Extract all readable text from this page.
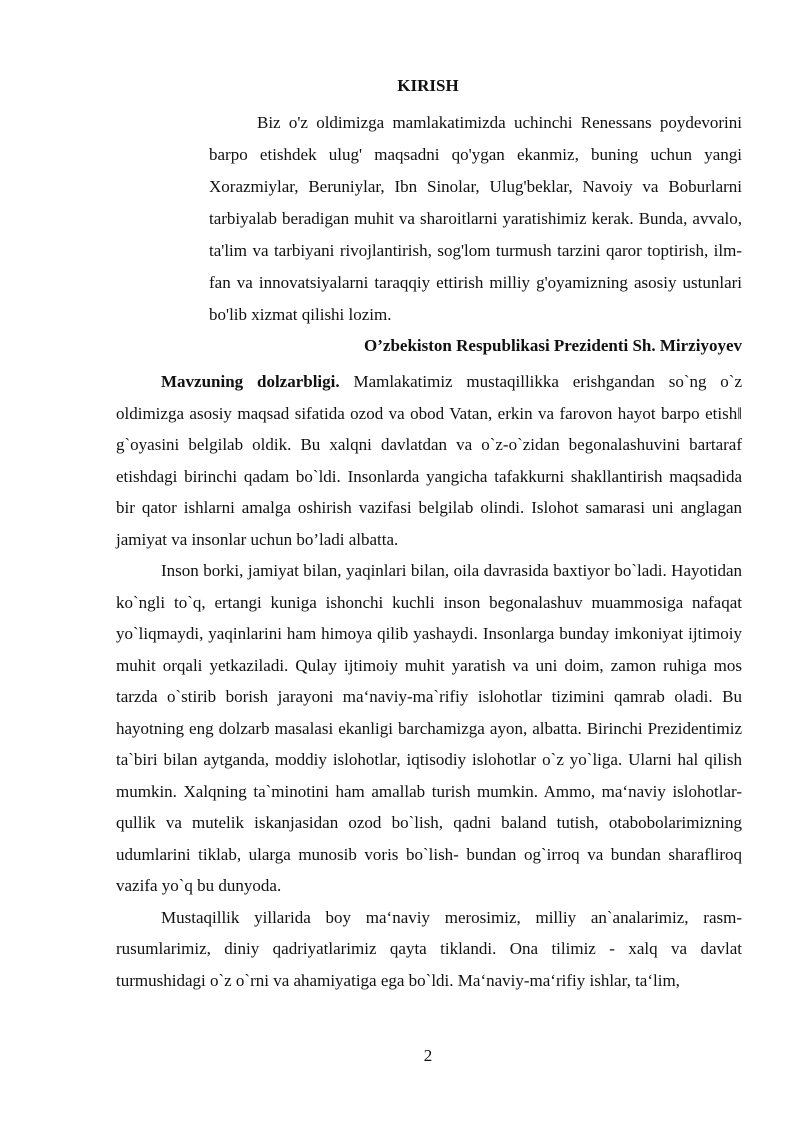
KIRISH

Biz o'z oldimizga mamlakatimizda uchinchi Renessans poydevorini barpo etishdek ulug' maqsadni qo'ygan ekanmiz, buning uchun yangi Xorazmiylar, Beruniylar, Ibn Sinolar, Ulug'beklar, Navoiy va Boburlarni tarbiyalab beradigan muhit va sharoitlarni yaratishimiz kerak. Bunda, avvalo, ta'lim va tarbiyani rivojlantirish, sog'lom turmush tarzini qaror toptirish, ilm-fan va innovatsiyalarni taraqqiy ettirish milliy g'oyamizning asosiy ustunlari bo'lib xizmat qilishi lozim.

O’zbekiston Respublikasi Prezidenti Sh. Mirziyoyev

Mavzuning dolzarbligi. Mamlakatimiz mustaqillikka erishgandan so`ng o`z oldimizga asosiy maqsad sifatida ozod va obod Vatan, erkin va farovon hayot barpo etish‖ g`oyasini belgilab oldik. Bu xalqni davlatdan va o`z-o`zidan begonalashuvini bartaraf etishdagi birinchi qadam bo`ldi. Insonlarda yangicha tafakkurni shakllantirish maqsadida bir qator ishlarni amalga oshirish vazifasi belgilab olindi. Islohot samarasi uni anglagan jamiyat va insonlar uchun bo’ladi albatta.

Inson borki, jamiyat bilan, yaqinlari bilan, oila davrasida baxtiyor bo`ladi. Hayotidan ko`ngli to`q, ertangi kuniga ishonchi kuchli inson begonalashuv muammosiga nafaqat yo`liqmaydi, yaqinlarini ham himoya qilib yashaydi. Insonlarga bunday imkoniyat ijtimoiy muhit orqali yetkaziladi. Qulay ijtimoiy muhit yaratish va uni doim, zamon ruhiga mos tarzda o`stirib borish jarayoni ma‘naviy-ma`rifiy islohotlar tizimini qamrab oladi. Bu hayotning eng dolzarb masalasi ekanligi barchamizga ayon, albatta. Birinchi Prezidentimiz ta`biri bilan aytganda, moddiy islohotlar, iqtisodiy islohotlar o`z yo`liga. Ularni hal qilish mumkin. Xalqning ta`minotini ham amallab turish mumkin. Ammo, ma‘naviy islohotlar-qullik va mutelik iskanjasidan ozod bo`lish, qadni baland tutish, otabobolarimizning udumlarini tiklab, ularga munosib voris bo`lish- bundan og`irroq va bundan sharafliroq vazifa yo`q bu dunyoda.

Mustaqillik yillarida boy ma‘naviy merosimiz, milliy an`analarimiz, rasm-rusumlarimiz, diniy qadriyatlarimiz qayta tiklandi. Ona tilimiz - xalq va davlat turmushidagi o`z o`rni va ahamiyatiga ega bo`ldi. Ma‘naviy-ma‘rifiy ishlar, ta‘lim,

2
